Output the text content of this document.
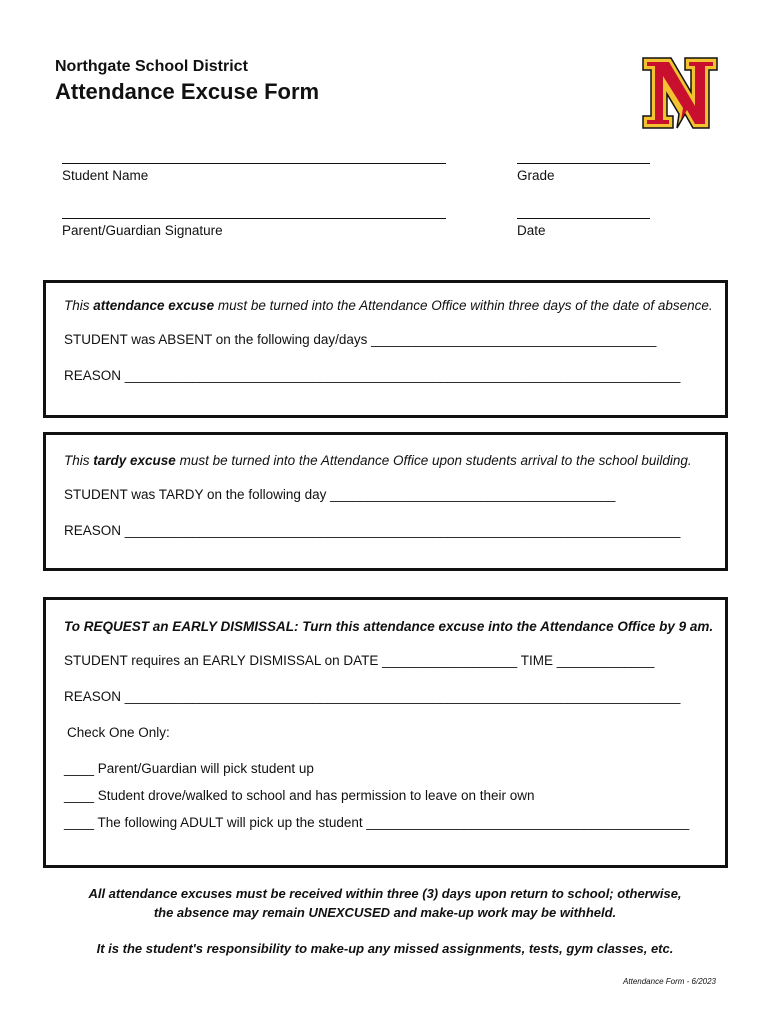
Northgate School District
Attendance Excuse Form
Student Name	Grade
Parent/Guardian Signature	Date

This attendance excuse must be turned into the Attendance Office within three days of the date of absence.

STUDENT was ABSENT on the following day/days ______________________________________

REASON __________________________________________________________________________

This tardy excuse must be turned into the Attendance Office upon students arrival to the school building.

STUDENT was TARDY on the following day ______________________________________

REASON __________________________________________________________________________

To REQUEST an EARLY DISMISSAL: Turn this attendance excuse into the Attendance Office by 9 am.

STUDENT requires an EARLY DISMISSAL on DATE __________________ TIME _____________

REASON __________________________________________________________________________

Check One Only:

____ Parent/Guardian will pick student up

____ Student drove/walked to school and has permission to leave on their own

____ The following ADULT will pick up the student ___________________________________________

All attendance excuses must be received within three (3) days upon return to school; otherwise,
the absence may remain UNEXCUSED and make-up work may be withheld.
It is the student's responsibility to make-up any missed assignments, tests, gym classes, etc.
Attendance Form - 6/2023
